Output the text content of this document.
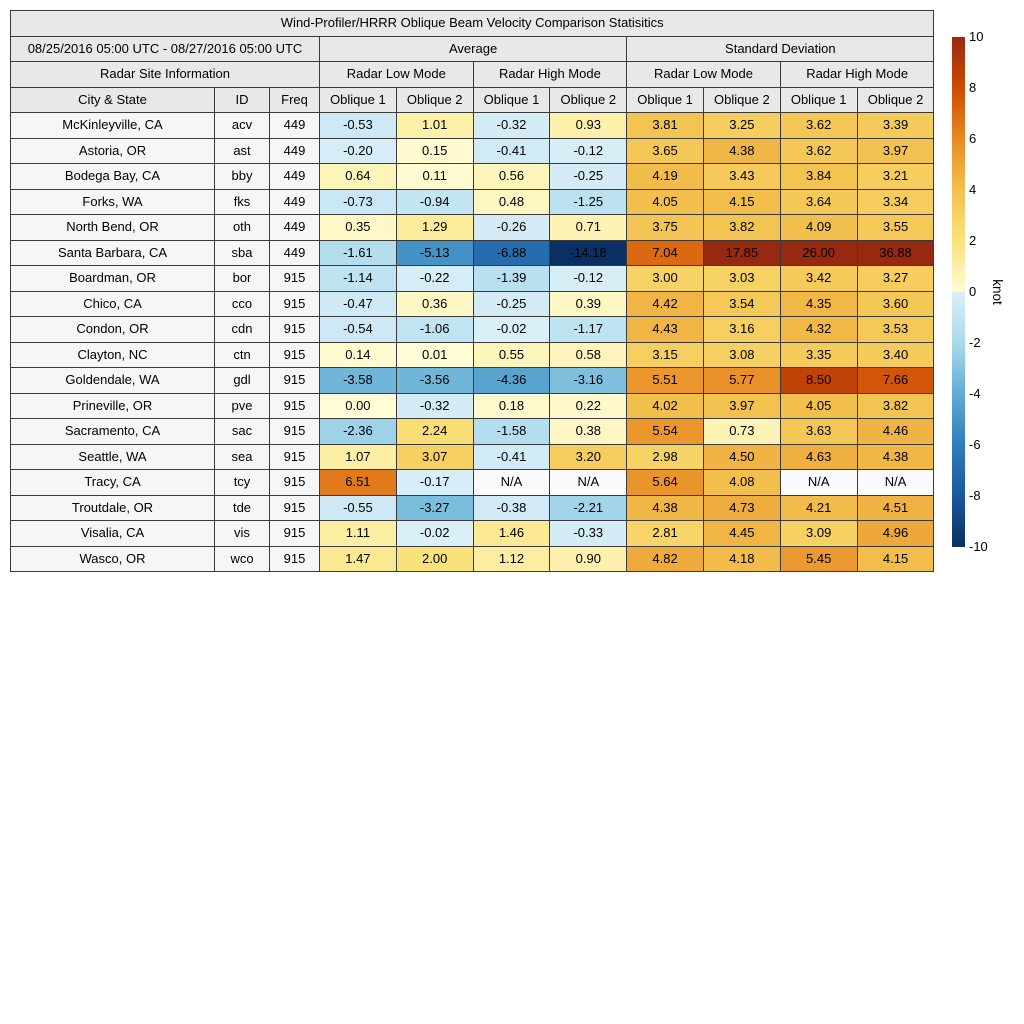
Wind-Profiler/HRRR Oblique Beam Velocity Comparison Statisitics										
08/25/2016 05:00 UTC - 08/27/2016 05:00 UTC			Average				Standard Deviation			
Radar Site Information			Radar Low Mode		Radar High Mode		Radar Low Mode		Radar High Mode	
City & State	ID	Freq	Oblique 1	Oblique 2	Oblique 1	Oblique 2	Oblique 1	Oblique 2	Oblique 1	Oblique 2
McKinleyville, CA	acv	449	-0.53	1.01	-0.32	0.93	3.81	3.25	3.62	3.39
Astoria, OR	ast	449	-0.20	0.15	-0.41	-0.12	3.65	4.38	3.62	3.97
Bodega Bay, CA	bby	449	0.64	0.11	0.56	-0.25	4.19	3.43	3.84	3.21
Forks, WA	fks	449	-0.73	-0.94	0.48	-1.25	4.05	4.15	3.64	3.34
North Bend, OR	oth	449	0.35	1.29	-0.26	0.71	3.75	3.82	4.09	3.55
Santa Barbara, CA	sba	449	-1.61	-5.13	-6.88	-14.18	7.04	17.85	26.00	36.88
Boardman, OR	bor	915	-1.14	-0.22	-1.39	-0.12	3.00	3.03	3.42	3.27
Chico, CA	cco	915	-0.47	0.36	-0.25	0.39	4.42	3.54	4.35	3.60
Condon, OR	cdn	915	-0.54	-1.06	-0.02	-1.17	4.43	3.16	4.32	3.53
Clayton, NC	ctn	915	0.14	0.01	0.55	0.58	3.15	3.08	3.35	3.40
Goldendale, WA	gdl	915	-3.58	-3.56	-4.36	-3.16	5.51	5.77	8.50	7.66
Prineville, OR	pve	915	0.00	-0.32	0.18	0.22	4.02	3.97	4.05	3.82
Sacramento, CA	sac	915	-2.36	2.24	-1.58	0.38	5.54	0.73	3.63	4.46
Seattle, WA	sea	915	1.07	3.07	-0.41	3.20	2.98	4.50	4.63	4.38
Tracy, CA	tcy	915	6.51	-0.17	N/A	N/A	5.64	4.08	N/A	N/A
Troutdale, OR	tde	915	-0.55	-3.27	-0.38	-2.21	4.38	4.73	4.21	4.51
Visalia, CA	vis	915	1.11	-0.02	1.46	-0.33	2.81	4.45	3.09	4.96
Wasco, OR	wco	915	1.47	2.00	1.12	0.90	4.82	4.18	5.45	4.15
10
8
6
4
2
0
-2
-4
-6
-8
-10
knot
